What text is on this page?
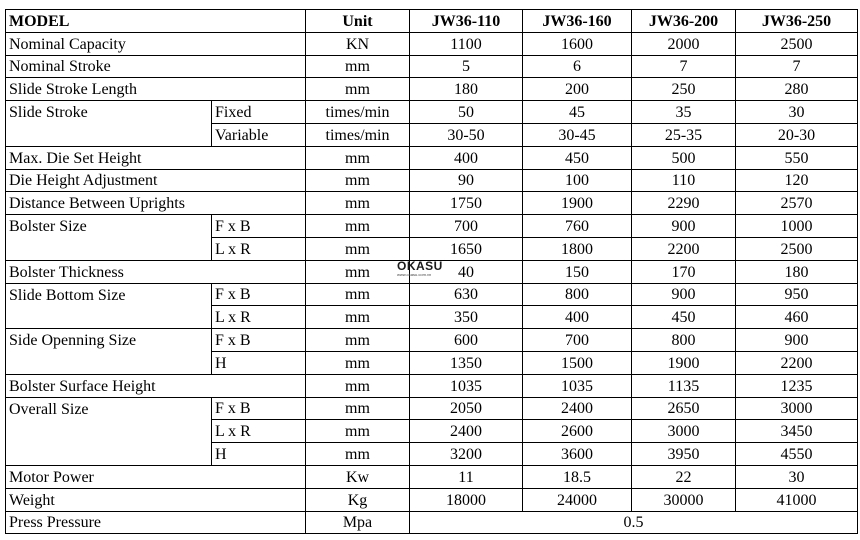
MODEL		Unit	JW36-110	JW36-160	JW36-200	JW36-250
Nominal Capacity		KN	1100	1600	2000	2500
Nominal Stroke		mm	5	6	7	7
Slide Stroke Length		mm	180	200	250	280
Slide Stroke	Fixed	times/min	50	45	35	30
	Variable	times/min	30-50	30-45	25-35	20-30
Max. Die Set Height		mm	400	450	500	550
Die Height Adjustment		mm	90	100	110	120
Distance Between Uprights		mm	1750	1900	2290	2570
Bolster Size	F x B	mm	700	760	900	1000
	L x R	mm	1650	1800	2200	2500
Bolster Thickness		mm	40	150	170	180
Slide Bottom Size	F x B	mm	630	800	900	950
	L x R	mm	350	400	450	460
Side Openning Size	F x B	mm	600	700	800	900
	H	mm	1350	1500	1900	2200
Bolster Surface Height		mm	1035	1035	1135	1235
Overall Size	F x B	mm	2050	2400	2650	3000
	L x R	mm	2400	2600	3000	3450
	H	mm	3200	3600	3950	4550
Motor Power		Kw	11	18.5	22	30
Weight		Kg	18000	24000	30000	41000
Press Pressure		Mpa	0.5			
OKASU
www.okasu.com.vn
